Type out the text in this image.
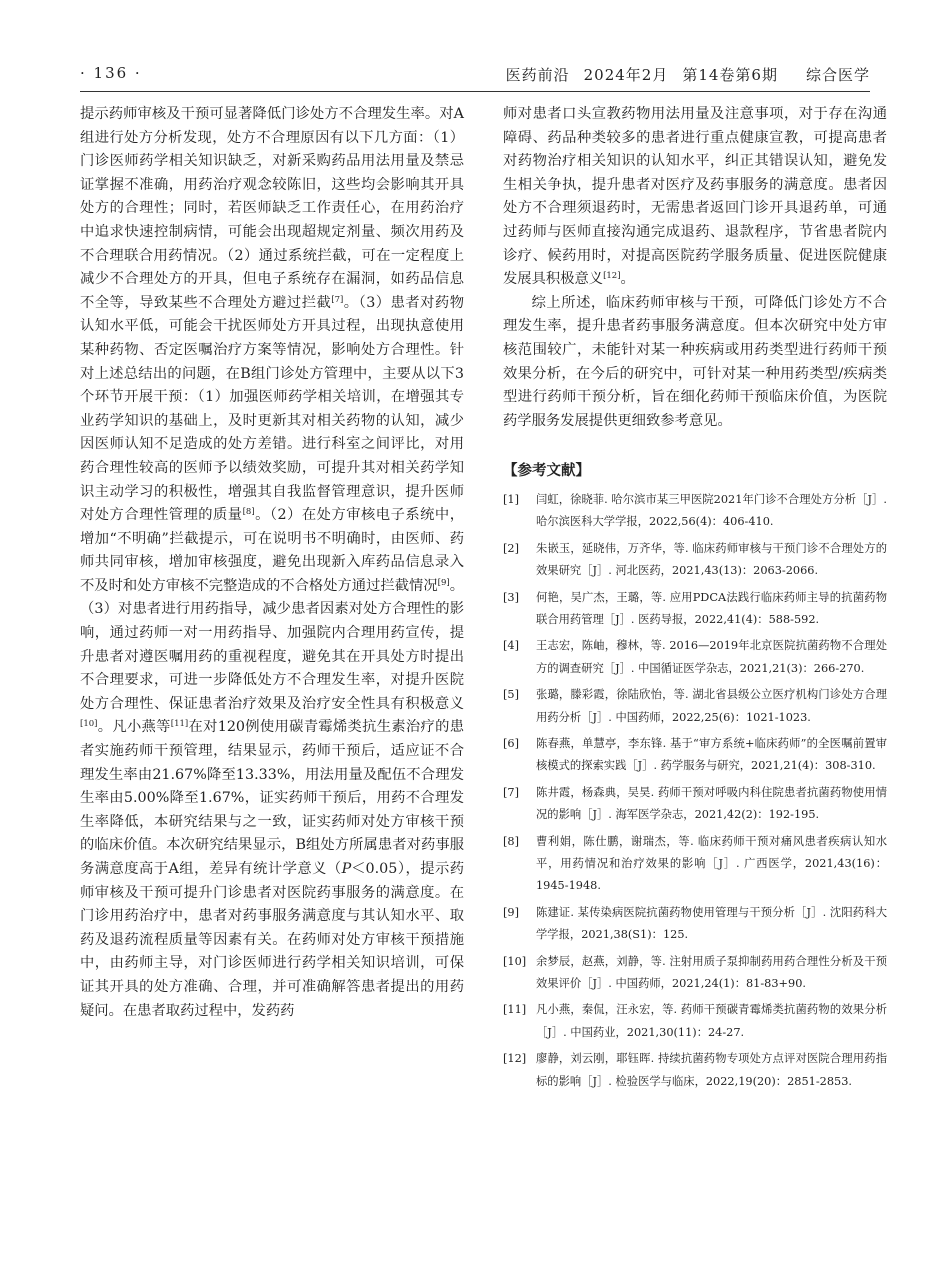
· 136 ·	医药前沿 2024年2月 第14卷第6期 综合医学

提示药师审核及干预可显著降低门诊处方不合理发生率。对A组进行处方分析发现，处方不合理原因有以下几方面：（1）门诊医师药学相关知识缺乏，对新采购药品用法用量及禁忌证掌握不准确，用药治疗观念较陈旧，这些均会影响其开具处方的合理性；同时，若医师缺乏工作责任心，在用药治疗中追求快速控制病情，可能会出现超规定剂量、频次用药及不合理联合用药情况。（2）通过系统拦截，可在一定程度上减少不合理处方的开具，但电子系统存在漏洞，如药品信息不全等，导致某些不合理处方避过拦截[7]。（3）患者对药物认知水平低，可能会干扰医师处方开具过程，出现执意使用某种药物、否定医嘱治疗方案等情况，影响处方合理性。针对上述总结出的问题，在B组门诊处方管理中，主要从以下3个环节开展干预：（1）加强医师药学相关培训，在增强其专业药学知识的基础上，及时更新其对相关药物的认知，减少因医师认知不足造成的处方差错。进行科室之间评比，对用药合理性较高的医师予以绩效奖励，可提升其对相关药学知识主动学习的积极性，增强其自我监督管理意识，提升医师对处方合理性管理的质量[8]。（2）在处方审核电子系统中，增加“不明确”拦截提示，可在说明书不明确时，由医师、药师共同审核，增加审核强度，避免出现新入库药品信息录入不及时和处方审核不完整造成的不合格处方通过拦截情况[9]。（3）对患者进行用药指导，减少患者因素对处方合理性的影响，通过药师一对一用药指导、加强院内合理用药宣传，提升患者对遵医嘱用药的重视程度，避免其在开具处方时提出不合理要求，可进一步降低处方不合理发生率，对提升医院处方合理性、保证患者治疗效果及治疗安全性具有积极意义[10]。凡小燕等[11]在对120例使用碳青霉烯类抗生素治疗的患者实施药师干预管理，结果显示，药师干预后，适应证不合理发生率由21.67%降至13.33%，用法用量及配伍不合理发生率由5.00%降至1.67%，证实药师干预后，用药不合理发生率降低，本研究结果与之一致，证实药师对处方审核干预的临床价值。本次研究结果显示，B组处方所属患者对药事服务满意度高于A组，差异有统计学意义（P＜0.05），提示药师审核及干预可提升门诊患者对医院药事服务的满意度。在门诊用药治疗中，患者对药事服务满意度与其认知水平、取药及退药流程质量等因素有关。在药师对处方审核干预措施中，由药师主导，对门诊医师进行药学相关知识培训，可保证其开具的处方准确、合理，并可准确解答患者提出的用药疑问。在患者取药过程中，发药药

师对患者口头宣教药物用法用量及注意事项，对于存在沟通障碍、药品种类较多的患者进行重点健康宣教，可提高患者对药物治疗相关知识的认知水平，纠正其错误认知，避免发生相关争执，提升患者对医疗及药事服务的满意度。患者因处方不合理须退药时，无需患者返回门诊开具退药单，可通过药师与医师直接沟通完成退药、退款程序，节省患者院内诊疗、候药用时，对提高医院药学服务质量、促进医院健康发展具积极意义[12]。

综上所述，临床药师审核与干预，可降低门诊处方不合理发生率，提升患者药事服务满意度。但本次研究中处方审核范围较广，未能针对某一种疾病或用药类型进行药师干预效果分析，在今后的研究中，可针对某一种用药类型/疾病类型进行药师干预分析，旨在细化药师干预临床价值，为医院药学服务发展提供更细致参考意见。

【参考文献】
[1] 闫虹，徐晓菲. 哈尔滨市某三甲医院2021年门诊不合理处方分析［J］. 哈尔滨医科大学学报，2022,56(4)：406-410.
[2] 朱嵌玉，延晓伟，万齐华，等. 临床药师审核与干预门诊不合理处方的效果研究［J］. 河北医药，2021,43(13)：2063-2066.
[3] 何艳，吴广杰，王璐，等. 应用PDCA法践行临床药师主导的抗菌药物联合用药管理［J］. 医药导报，2022,41(4)：588-592.
[4] 王志宏，陈岫，穆林，等. 2016—2019年北京医院抗菌药物不合理处方的调查研究［J］. 中国循证医学杂志，2021,21(3)：266-270.
[5] 张璐，滕彩霞，徐陆欣怡，等. 湖北省县级公立医疗机构门诊处方合理用药分析［J］. 中国药师，2022,25(6)：1021-1023.
[6] 陈春燕，单慧亭，李东锋. 基于“审方系统+临床药师”的全医嘱前置审核模式的探索实践［J］. 药学服务与研究，2021,21(4)：308-310.
[7] 陈井霞，杨森典，吴昊. 药师干预对呼吸内科住院患者抗菌药物使用情况的影响［J］. 海军医学杂志，2021,42(2)：192-195.
[8] 曹利娟，陈仕鹏，谢瑞杰，等. 临床药师干预对痛风患者疾病认知水平，用药情况和治疗效果的影响［J］. 广西医学，2021,43(16)：1945-1948.
[9] 陈建证. 某传染病医院抗菌药物使用管理与干预分析［J］. 沈阳药科大学学报，2021,38(S1)：125.
[10] 余梦辰，赵燕，刘静，等. 注射用质子泵抑制药用药合理性分析及干预效果评价［J］. 中国药师，2021,24(1)：81-83+90.
[11] 凡小燕，秦侃，汪永宏，等. 药师干预碳青霉烯类抗菌药物的效果分析［J］. 中国药业，2021,30(11)：24-27.
[12] 廖静，刘云刚，耶钰晖. 持续抗菌药物专项处方点评对医院合理用药指标的影响［J］. 检验医学与临床，2022,19(20)：2851-2853.
